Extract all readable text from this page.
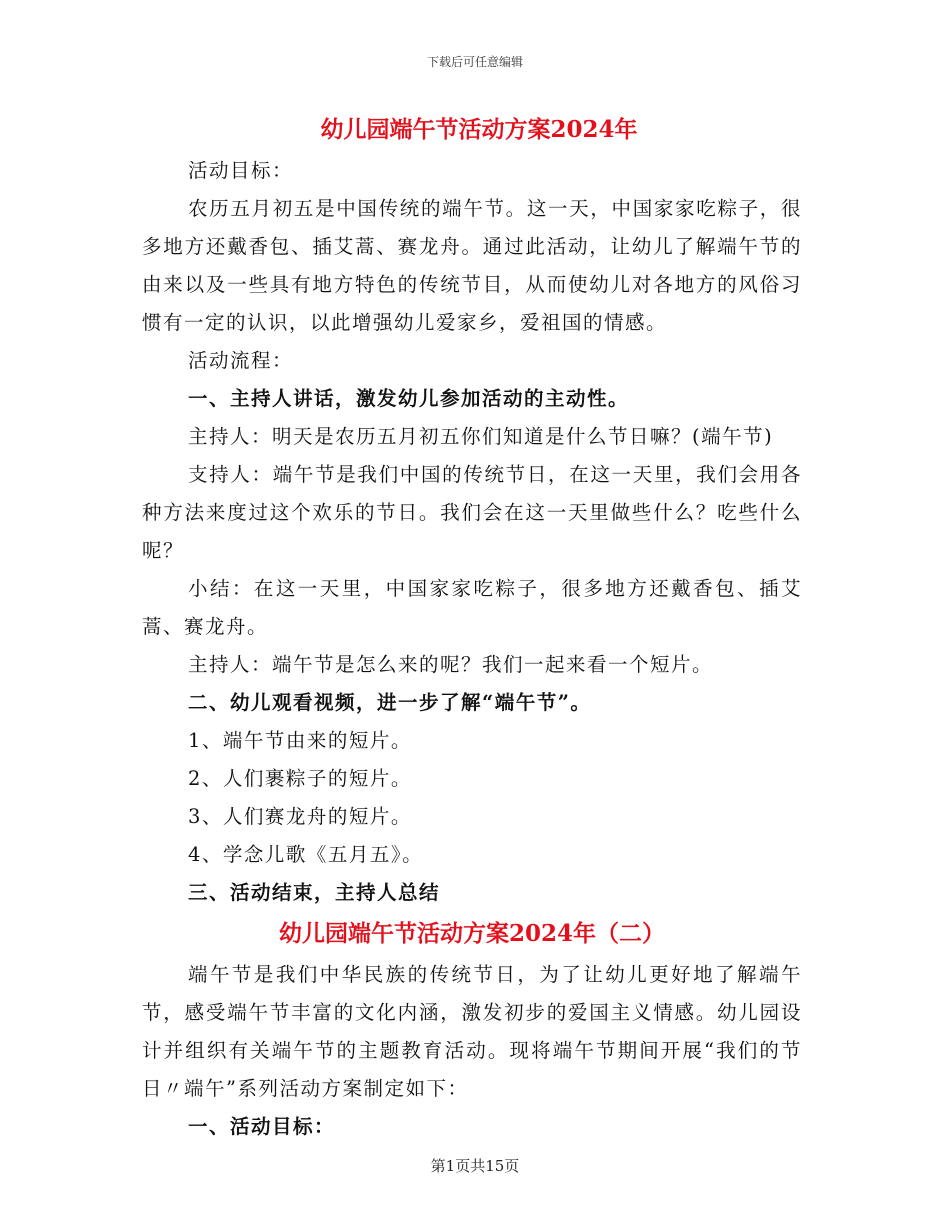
下载后可任意编辑
幼儿园端午节活动方案2024年

活动目标：

农历五月初五是中国传统的端午节。这一天，中国家家吃粽子，很多地方还戴香包、插艾蒿、赛龙舟。通过此活动，让幼儿了解端午节的由来以及一些具有地方特色的传统节目，从而使幼儿对各地方的风俗习惯有一定的认识，以此增强幼儿爱家乡，爱祖国的情感。

活动流程：

一、主持人讲话，激发幼儿参加活动的主动性。

主持人：明天是农历五月初五你们知道是什么节日嘛？(端午节)

支持人：端午节是我们中国的传统节日，在这一天里，我们会用各种方法来度过这个欢乐的节日。我们会在这一天里做些什么？吃些什么呢？

小结：在这一天里，中国家家吃粽子，很多地方还戴香包、插艾蒿、赛龙舟。

主持人：端午节是怎么来的呢？我们一起来看一个短片。

二、幼儿观看视频，进一步了解“端午节”。

1、端午节由来的短片。

2、人们裹粽子的短片。

3、人们赛龙舟的短片。

4、学念儿歌《五月五》。

三、活动结束，主持人总结

幼儿园端午节活动方案2024年（二）

端午节是我们中华民族的传统节日，为了让幼儿更好地了解端午节，感受端午节丰富的文化内涵，激发初步的爱国主义情感。幼儿园设计并组织有关端午节的主题教育活动。现将端午节期间开展“我们的节日〃端午”系列活动方案制定如下：

一、活动目标：

第1页共15页
